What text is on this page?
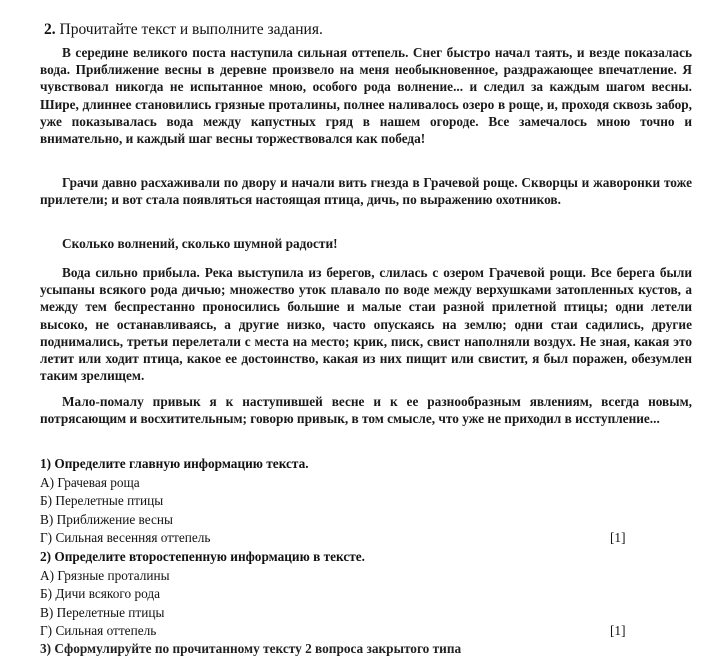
2. Прочитайте текст и выполните задания.
В середине великого поста наступила сильная оттепель. Снег быстро начал таять, и везде показалась вода. Приближение весны в деревне произвело на меня необыкновенное, раздражающее впечатление. Я чувствовал никогда не испытанное мною, особого рода волнение... и следил за каждым шагом весны. Шире, длиннее становились грязные проталины, полнее наливалось озеро в роще, и, проходя сквозь забор, уже показывалась вода между капустных гряд в нашем огороде. Все замечалось мною точно и внимательно, и каждый шаг весны торжествовался как победа!
Грачи давно расхаживали по двору и начали вить гнезда в Грачевой роще. Скворцы и жаворонки тоже прилетели; и вот стала появляться настоящая птица, дичь, по выражению охотников.
Сколько волнений, сколько шумной радости!
Вода сильно прибыла. Река выступила из берегов, слилась с озером Грачевой рощи. Все берега были усыпаны всякого рода дичью; множество уток плавало по воде между верхушками затопленных кустов, а между тем беспрестанно проносились большие и малые стаи разной прилетной птицы; одни летели высоко, не останавливаясь, а другие низко, часто опускаясь на землю; одни стаи садились, другие поднимались, третьи перелетали с места на место; крик, писк, свист наполняли воздух. Не зная, какая это летит или ходит птица, какое ее достоинство, какая из них пищит или свистит, я был поражен, обезумлен таким зрелищем.
Мало-помалу привык я к наступившей весне и к ее разнообразным явлениям, всегда новым, потрясающим и восхитительным; говорю привык, в том смысле, что уже не приходил в исступление...
1) Определите главную информацию текста.
А) Грачевая роща
Б) Перелетные птицы
В) Приближение весны
Г) Сильная весенняя оттепель	[1]
2) Определите второстепенную информацию в тексте.
А) Грязные проталины
Б) Дичи всякого рода
В) Перелетные птицы
Г) Сильная оттепель	[1]
3) Сформулируйте по прочитанному тексту 2 вопроса закрытого типа
